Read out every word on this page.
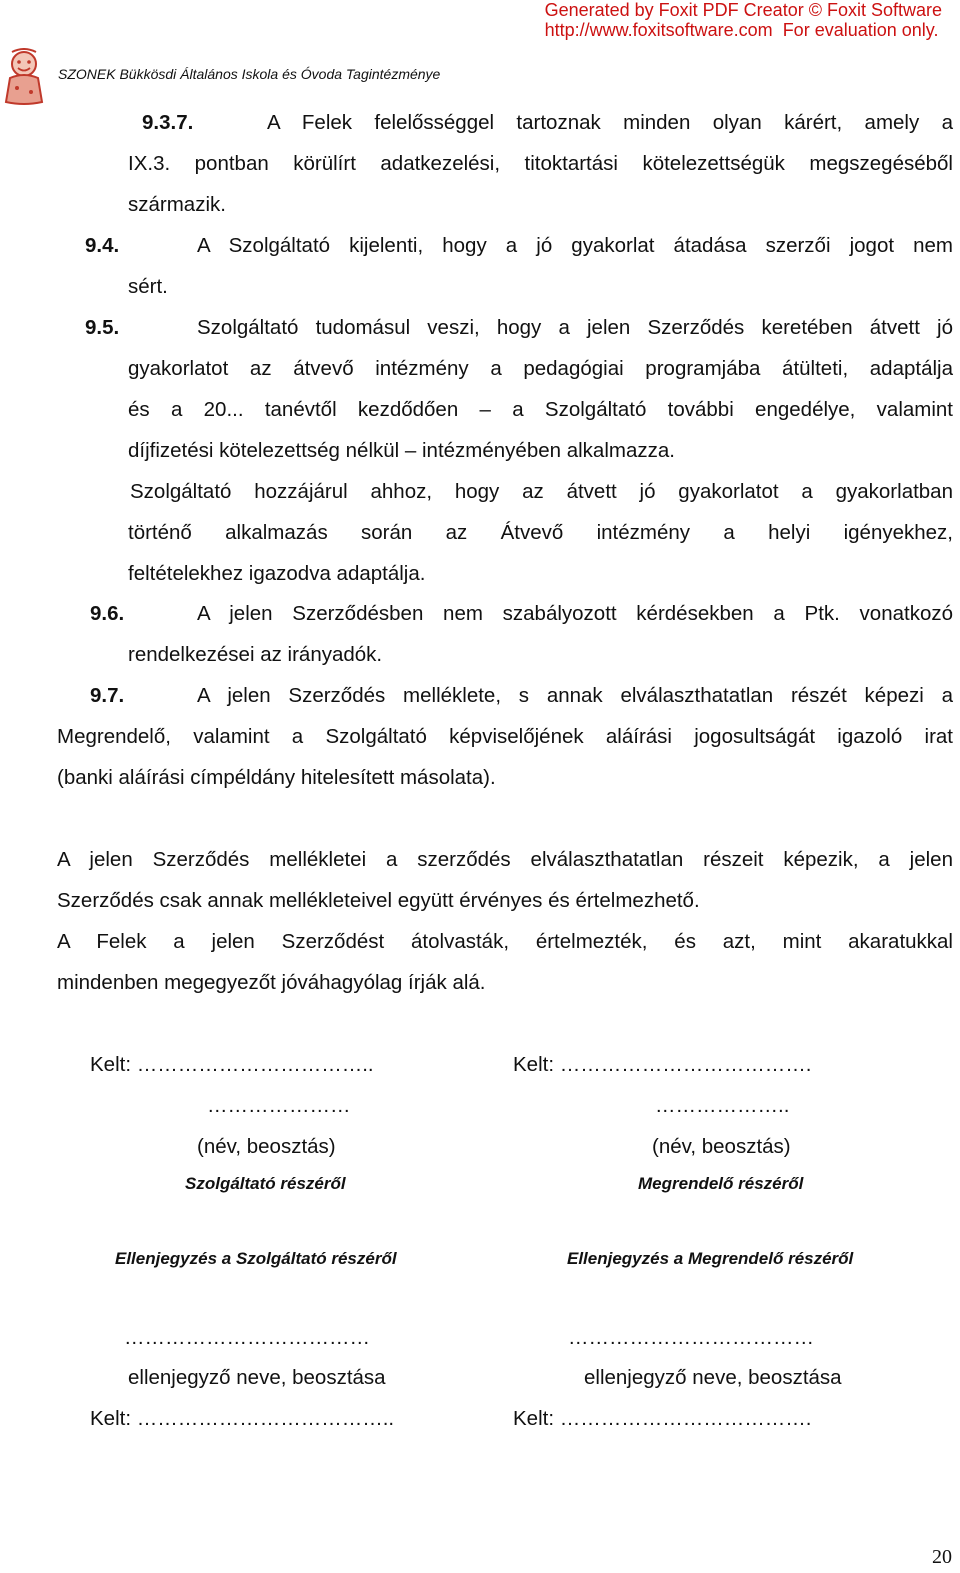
Generated by Foxit PDF Creator © Foxit Software
http://www.foxitsoftware.com For evaluation only.
SZONEK Bükkösdi Általános Iskola és Óvoda Tagintézménye
9.3.7.	A Felek felelősséggel tartoznak minden olyan kárért, amely a
IX.3. pontban körülírt adatkezelési, titoktartási kötelezettségük megszegéséből
származik.
9.4.	A Szolgáltató kijelenti, hogy a jó gyakorlat átadása szerzői jogot nem
sért.
9.5.	Szolgáltató tudomásul veszi, hogy a jelen Szerződés keretében átvett jó
gyakorlatot az átvevő intézmény a pedagógiai programjába átülteti, adaptálja
és a 20... tanévtől kezdődően – a Szolgáltató további engedélye, valamint
díjfizetési kötelezettség nélkül – intézményében alkalmazza.
Szolgáltató hozzájárul ahhoz, hogy az átvett jó gyakorlatot a gyakorlatban
történő alkalmazás során az Átvevő intézmény a helyi igényekhez,
feltételekhez igazodva adaptálja.
9.6.	A jelen Szerződésben nem szabályozott kérdésekben a Ptk. vonatkozó
rendelkezései az irányadók.
9.7.	A jelen Szerződés melléklete, s annak elválaszthatatlan részét képezi a
Megrendelő, valamint a Szolgáltató képviselőjének aláírási jogosultságát igazoló irat
(banki aláírási címpéldány hitelesített másolata).
A jelen Szerződés mellékletei a szerződés elválaszthatatlan részeit képezik, a jelen
Szerződés csak annak mellékleteivel együtt érvényes és értelmezhető.
A Felek a jelen Szerződést átolvasták, értelmezték, és azt, mint akaratukkal
mindenben megegyezőt jóváhagyólag írják alá.
Kelt: ……………………………..
…………………
(név, beosztás)
Szolgáltató részéről
Ellenjegyzés a Szolgáltató részéről
………………………………
ellenjegyző neve, beosztása
Kelt: ………………………………..
Kelt: ……………………………….
………………..
(név, beosztás)
Megrendelő részéről
Ellenjegyzés a Megrendelő részéről
………………………………
ellenjegyző neve, beosztása
Kelt: ……………………………….
20
